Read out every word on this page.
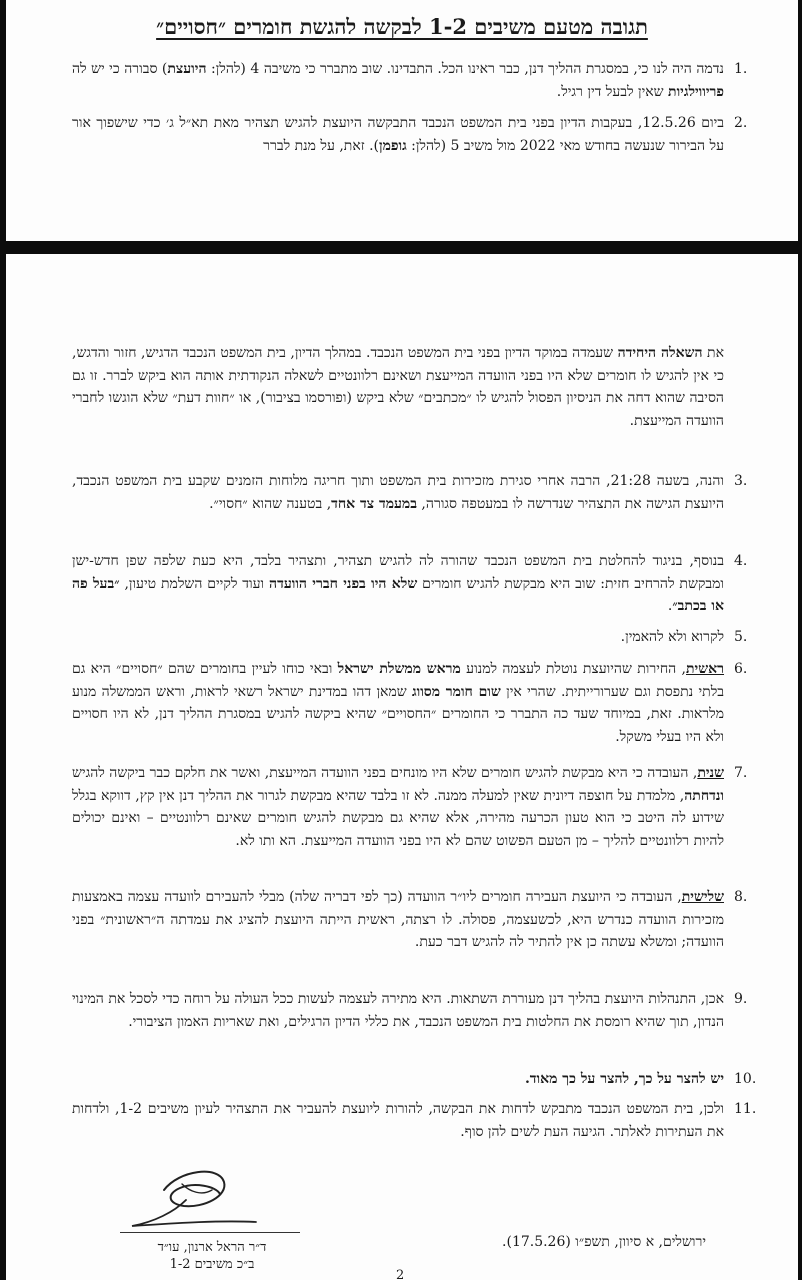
תגובה מטעם משיבים 1-2 לבקשה להגשת חומרים ״חסויים״
1 .
נדמה היה לנו כי, במסגרת ההליך דנן, כבר ראינו הכל. התבדינו. שוב מתברר כי משיבה 4 (להלן: היועצת) סבורה כי יש לה פריווילגיות שאין לבעל דין רגיל.
2 .
ביום 12.5.26, בעקבות הדיון בפני בית המשפט הנכבד התבקשה היועצת להגיש תצהיר מאת תא״ל ג׳ כדי שישפוך אור על הבירור שנעשה בחודש מאי 2022 מול משיב 5 (להלן: גופמן). זאת, על מנת לברר
את השאלה היחידה שעמדה במוקד הדיון בפני בית המשפט הנכבד. במהלך הדיון, בית המשפט הנכבד הדגיש, חזור והדגש, כי אין להגיש לו חומרים שלא היו בפני הוועדה המייעצת ושאינם רלוונטיים לשאלה הנקודתית אותה הוא ביקש לברר. זו גם הסיבה שהוא דחה את הניסיון הפסול להגיש לו ״מכתבים״ שלא ביקש (ופורסמו בציבור), או ״חוות דעת״ שלא הוגשו לחברי הוועדה המייעצת.
3 .
והנה, בשעה 21:28, הרבה אחרי סגירת מזכירות בית המשפט ותוך חריגה מלוחות הזמנים שקבע בית המשפט הנכבד, היועצת הגישה את התצהיר שנדרשה לו במעטפה סגורה, במעמד צד אחד, בטענה שהוא ״חסוי״.
4 .
בנוסף, בניגוד להחלטת בית המשפט הנכבד שהורה לה להגיש תצהיר, ותצהיר בלבד, היא כעת שלפה שפן חדש-ישן ומבקשת להרחיב חזית: שוב היא מבקשת להגיש חומרים שלא היו בפני חברי הוועדה ועוד לקיים השלמת טיעון, ״בעל פה או בכתב״.
5 .
לקרוא ולא להאמין.
6 .
ראשית, החירות שהיועצת נוטלת לעצמה למנוע מראש ממשלת ישראל ובאי כוחו לעיין בחומרים שהם ״חסויים״ היא גם בלתי נתפסת וגם שערורייתית. שהרי אין שום חומר מסווג שמאן דהו במדינת ישראל רשאי לראות, וראש הממשלה מנוע מלראות. זאת, במיוחד שעד כה התברר כי החומרים ״החסויים״ שהיא ביקשה להגיש במסגרת ההליך דנן, לא היו חסויים ולא היו בעלי משקל.
7 .
שנית, העובדה כי היא מבקשת להגיש חומרים שלא היו מונחים בפני הוועדה המייעצת, ואשר את חלקם כבר ביקשה להגיש ונדחתה, מלמדת על חוצפה דיונית שאין למעלה ממנה. לא זו בלבד שהיא מבקשת לגרור את ההליך דנן אין קץ, דווקא בגלל שידוע לה היטב כי הוא טעון הכרעה מהירה, אלא שהיא גם מבקשת להגיש חומרים שאינם רלוונטיים – ואינם יכולים להיות רלוונטיים להליך – מן הטעם הפשוט שהם לא היו בפני הוועדה המייעצת. הא ותו לא.
8 .
שלישית, העובדה כי היועצת העבירה חומרים ליו״ר הוועדה (כך לפי דבריה שלה) מבלי להעבירם לוועדה עצמה באמצעות מזכירות הוועדה כנדרש היא, לכשעצמה, פסולה. לו רצתה, ראשית הייתה היועצת להציג את עמדתה ה״ראשונית״ בפני הוועדה; ומשלא עשתה כן אין להתיר לה להגיש דבר כעת.
9 .
אכן, התנהלות היועצת בהליך דנן מעוררת השתאות. היא מתירה לעצמה לעשות ככל העולה על רוחה כדי לסכל את המינוי הנדון, תוך שהיא רומסת את החלטות בית המשפט הנכבד, את כללי הדיון הרגילים, ואת שאריות האמון הציבורי.
10 .
יש להצר על כך, להצר על כך מאוד.
11 .
ולכן, בית המשפט הנכבד מתבקש לדחות את הבקשה, להורות ליועצת להעביר את התצהיר לעיון משיבים 1-2, ולדחות את העתירות לאלתר. הגיעה העת לשים להן סוף.
ד״ר הראל ארנון, עו״ד
ב״כ משיבים 1-2
ירושלים, א סיוון, תשפ״ו (17.5.26).
2
